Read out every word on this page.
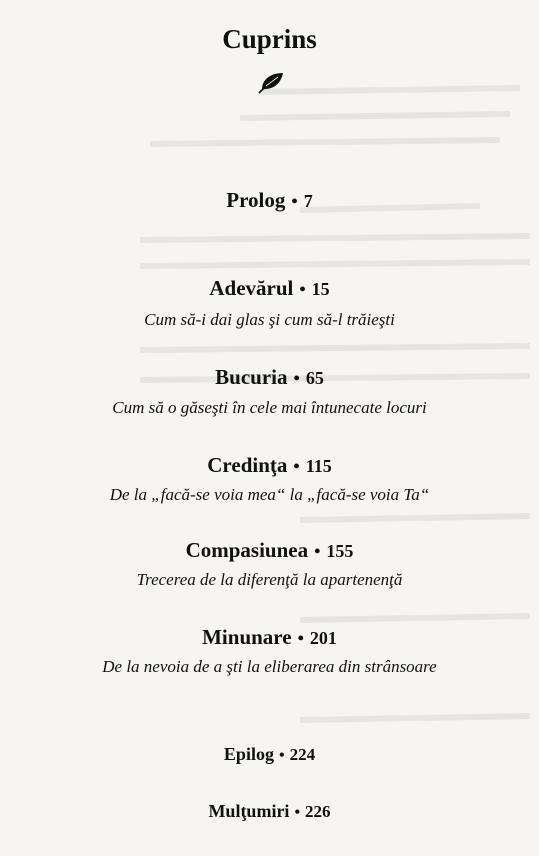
Cuprins
Prolog • 7
Adevărul • 15
Cum să-i dai glas şi cum să-l trăieşti
Bucuria • 65
Cum să o găseşti în cele mai întunecate locuri
Credinţa • 115
De la „facă-se voia mea“ la „facă-se voia Ta“
Compasiunea • 155
Trecerea de la diferenţă la apartenenţă
Minunare • 201
De la nevoia de a şti la eliberarea din strânsoare
Epilog • 224
Mulţumiri • 226
